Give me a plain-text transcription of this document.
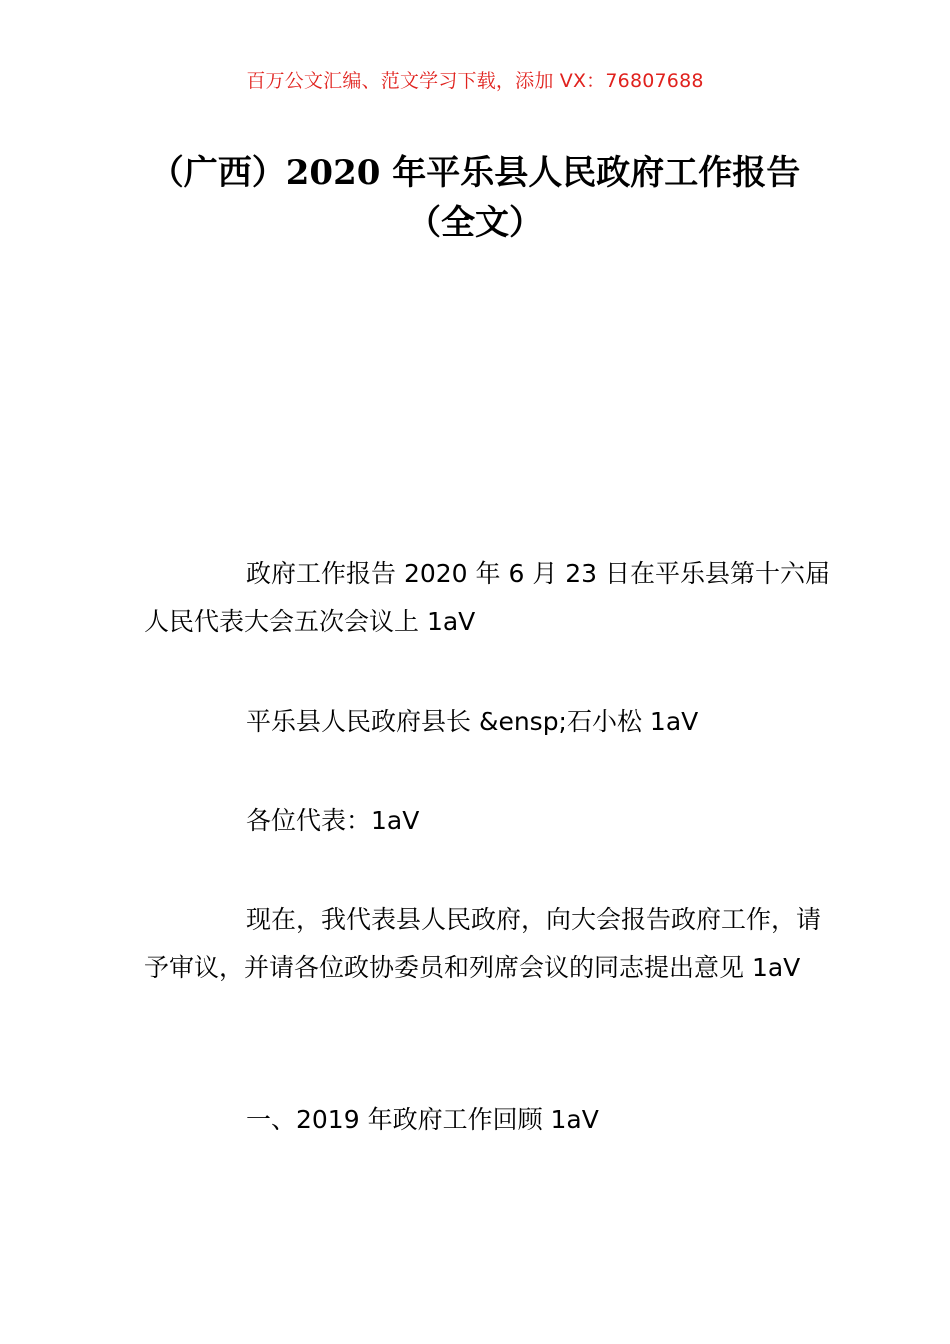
百万公文汇编、范文学习下载，添加 VX：76807688
（广西）2020 年平乐县人民政府工作报告
（全文）

政府工作报告 2020 年 6 月 23 日在平乐县第十六届人民代表大会五次会议上 1aV

平乐县人民政府县长 &ensp;石小松 1aV

各位代表：1aV

现在，我代表县人民政府，向大会报告政府工作，请予审议，并请各位政协委员和列席会议的同志提出意见 1aV

一、2019 年政府工作回顾 1aV
